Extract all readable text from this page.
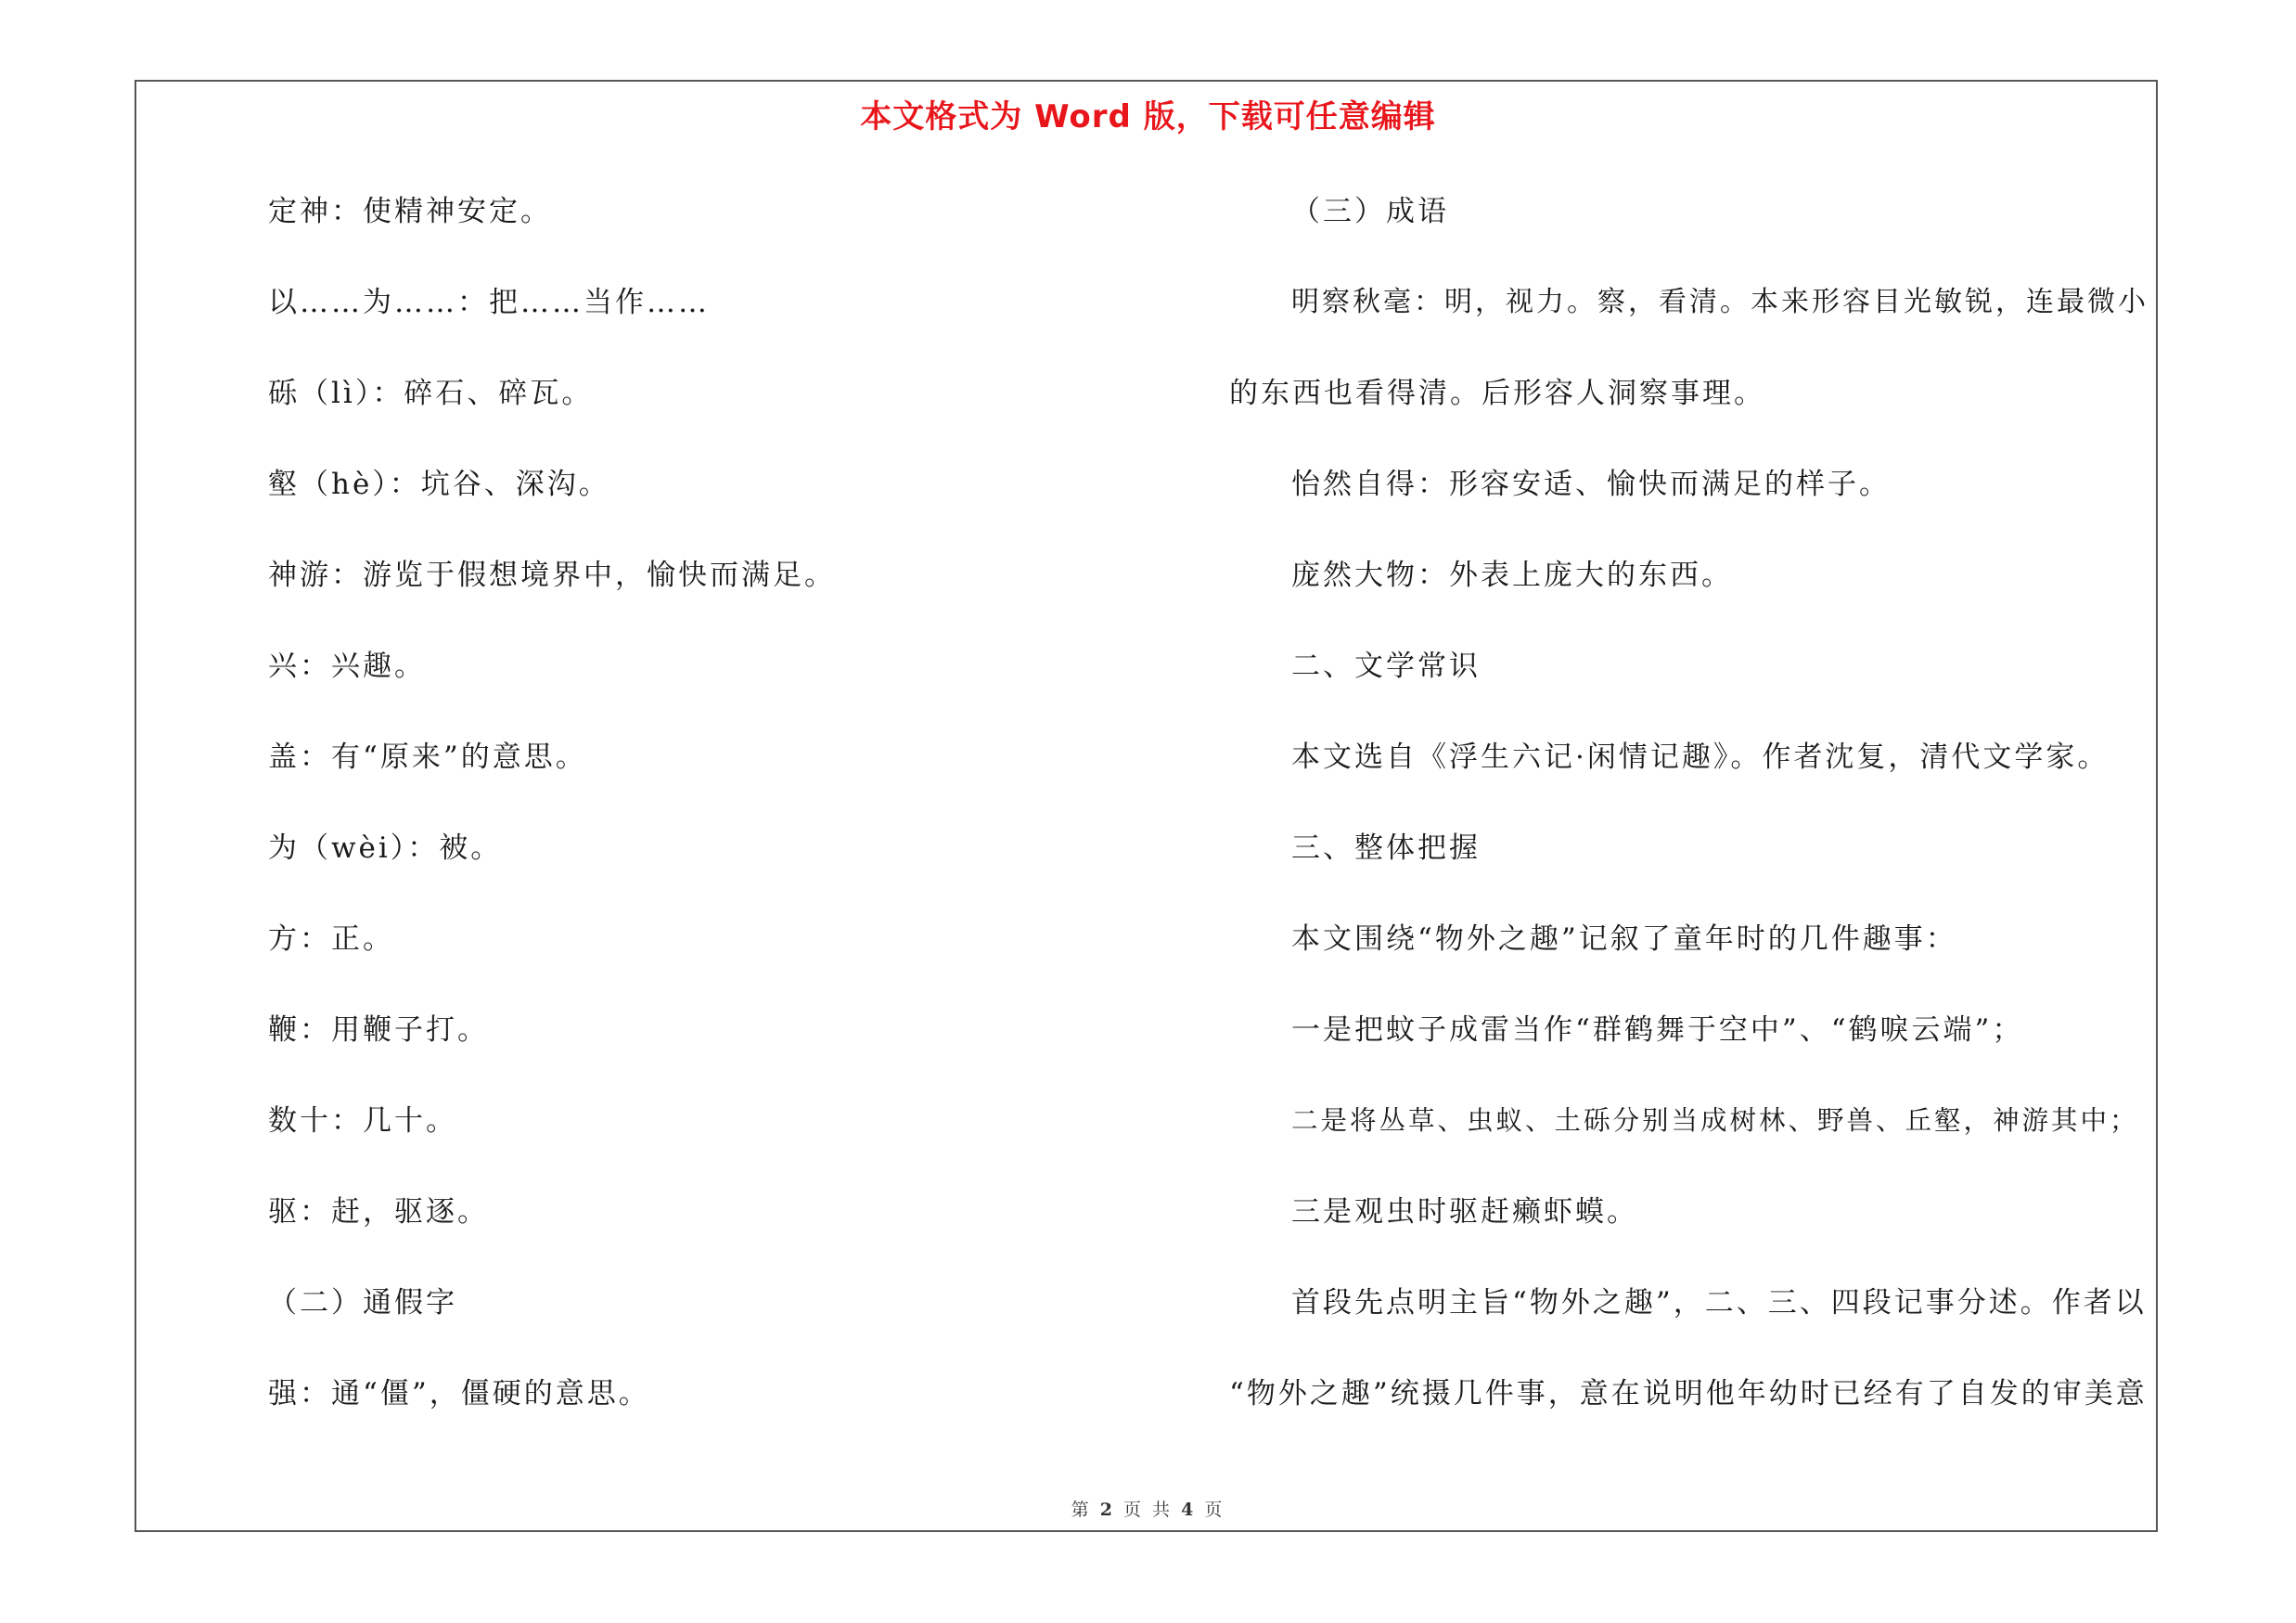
本文格式为 Word 版，下载可任意编辑
定神：使精神安定。
以……为……：把……当作……
砾（lì）：碎石、碎瓦。
壑（hè）：坑谷、深沟。
神游：游览于假想境界中，愉快而满足。
兴：兴趣。
盖：有“原来”的意思。
为（wèi）：被。
方：正。
鞭：用鞭子打。
数十：几十。
驱：赶，驱逐。
（二）通假字
强：通“僵”，僵硬的意思。
（三）成语
明察秋毫：明，视力。察，看清。本来形容目光敏锐，连最微小
的东西也看得清。后形容人洞察事理。
怡然自得：形容安适、愉快而满足的样子。
庞然大物：外表上庞大的东西。
二、文学常识
本文选自《浮生六记·闲情记趣》。作者沈复，清代文学家。
三、整体把握
本文围绕“物外之趣”记叙了童年时的几件趣事：
一是把蚊子成雷当作“群鹤舞于空中”、“鹤唳云端”；
二是将丛草、虫蚁、土砾分别当成树林、野兽、丘壑，神游其中；
三是观虫时驱赶癞虾蟆。
首段先点明主旨“物外之趣”，二、三、四段记事分述。作者以
“物外之趣”统摄几件事，意在说明他年幼时已经有了自发的审美意
第 2 页 共 4 页
